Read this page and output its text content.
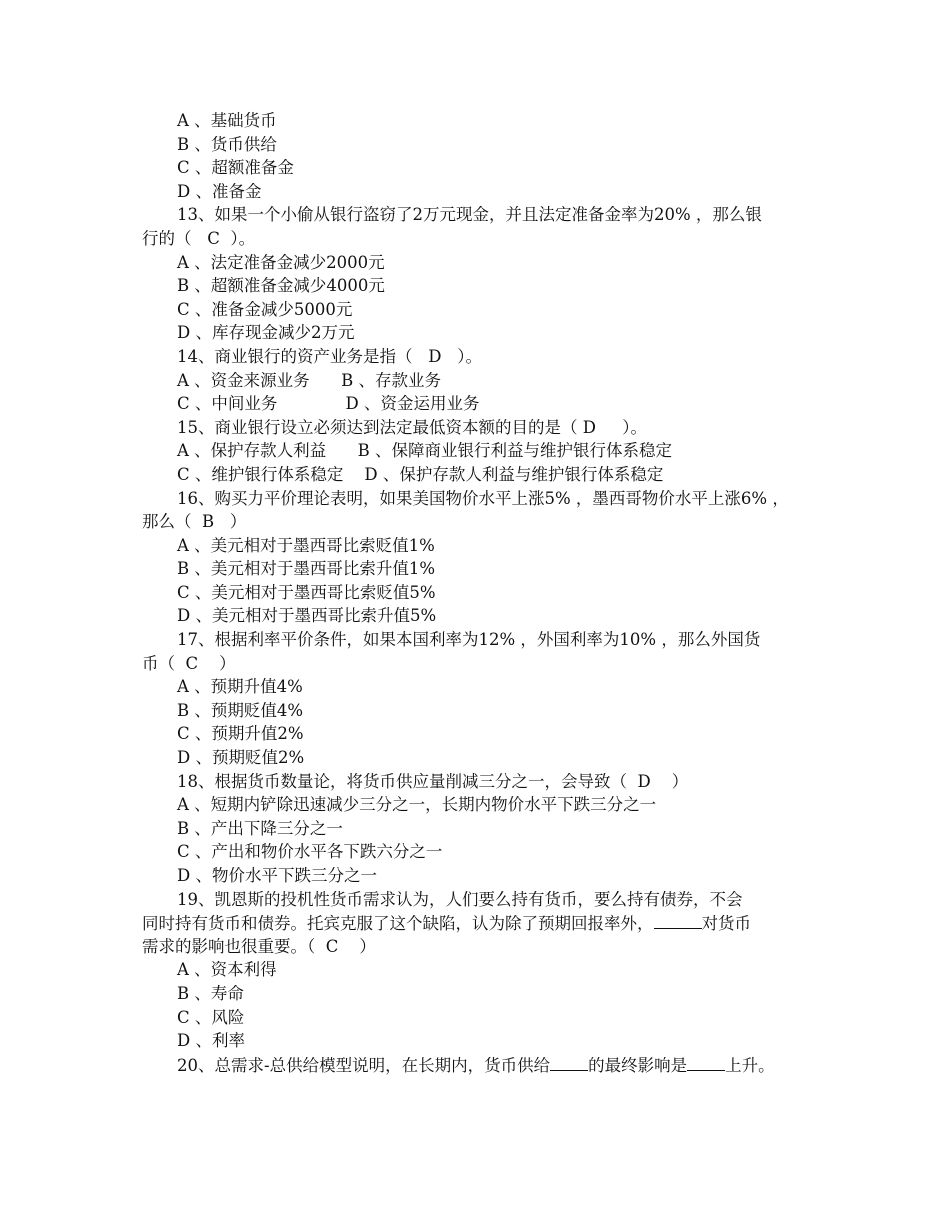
A 、基础货币
B 、货币供给
C 、超额准备金
D 、准备金
13、如果一个小偷从银行盗窃了2万元现金，并且法定准备金率为20% ，那么银
行的（   C  ）。
A 、法定准备金减少2000元
B 、超额准备金减少4000元
C 、准备金减少5000元
D 、库存现金减少2万元
14、商业银行的资产业务是指（   D   ）。
A 、资金来源业务      B 、存款业务
C 、中间业务             D 、资金运用业务
15、商业银行设立必须达到法定最低资本额的目的是（ D     ）。
A 、保护存款人利益      B 、保障商业银行利益与维护银行体系稳定
C 、维护银行体系稳定    D 、保护存款人利益与维护银行体系稳定
16、购买力平价理论表明，如果美国物价水平上涨5% ，墨西哥物价水平上涨6% ，
那么（  B   ）
A 、美元相对于墨西哥比索贬值1%
B 、美元相对于墨西哥比索升值1%
C 、美元相对于墨西哥比索贬值5%
D 、美元相对于墨西哥比索升值5%
17、根据利率平价条件，如果本国利率为12% ，外国利率为10% ，那么外国货
币（  C    ）
A 、预期升值4%
B 、预期贬值4%
C 、预期升值2%
D 、预期贬值2%
18、根据货币数量论，将货币供应量削减三分之一，会导致（  D    ）
A 、短期内铲除迅速减少三分之一，长期内物价水平下跌三分之一
B 、产出下降三分之一
C 、产出和物价水平各下跌六分之一
D 、物价水平下跌三分之一
19、凯恩斯的投机性货币需求认为，人们要么持有货币，要么持有债券，不会
同时持有货币和债券。托宾克服了这个缺陷，认为除了预期回报率外，	对货币
需求的影响也很重要。（  C    ）
A 、资本利得
B 、寿命
C 、风险
D 、利率
20、总需求-总供给模型说明，在长期内，货币供给 的最终影响是 上升。
